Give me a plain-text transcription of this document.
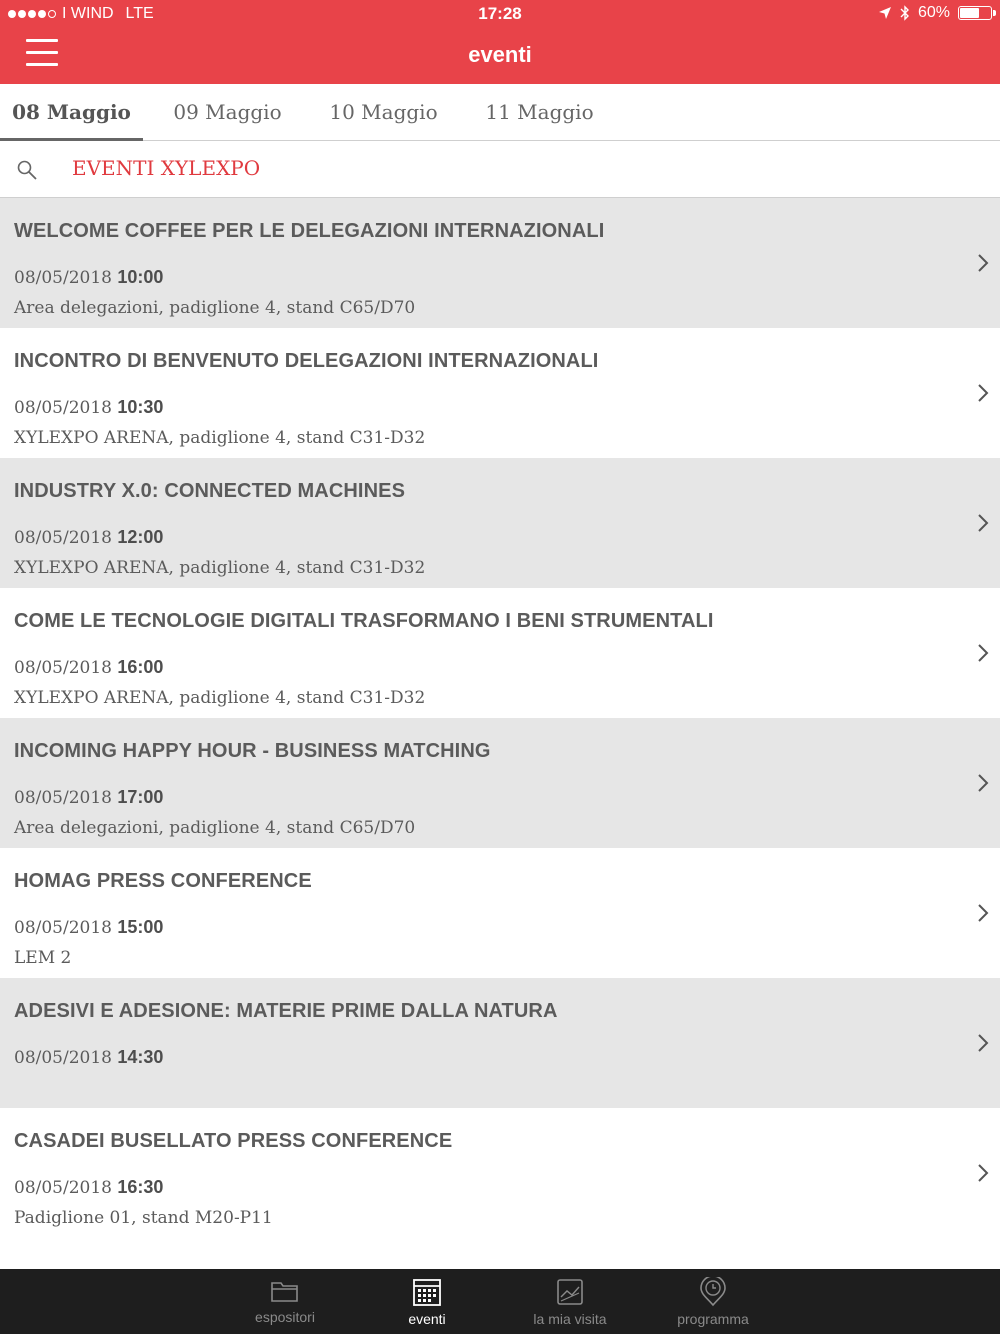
I WIND LTE	17:28	60%
eventi
08 Maggio	09 Maggio	10 Maggio	11 Maggio
EVENTI XYLEXPO
WELCOME COFFEE PER LE DELEGAZIONI INTERNAZIONALI
08/05/2018 10:00
Area delegazioni, padiglione 4, stand C65/D70
INCONTRO DI BENVENUTO DELEGAZIONI INTERNAZIONALI
08/05/2018 10:30
XYLEXPO ARENA, padiglione 4, stand C31-D32
INDUSTRY X.0: CONNECTED MACHINES
08/05/2018 12:00
XYLEXPO ARENA, padiglione 4, stand C31-D32
COME LE TECNOLOGIE DIGITALI TRASFORMANO I BENI STRUMENTALI
08/05/2018 16:00
XYLEXPO ARENA, padiglione 4, stand C31-D32
INCOMING HAPPY HOUR - BUSINESS MATCHING
08/05/2018 17:00
Area delegazioni, padiglione 4, stand C65/D70
HOMAG PRESS CONFERENCE
08/05/2018 15:00
LEM 2
ADESIVI E ADESIONE: MATERIE PRIME DALLA NATURA
08/05/2018 14:30
CASADEI BUSELLATO PRESS CONFERENCE
08/05/2018 16:30
Padiglione 01, stand M20-P11
espositori	eventi	la mia visita	programma
